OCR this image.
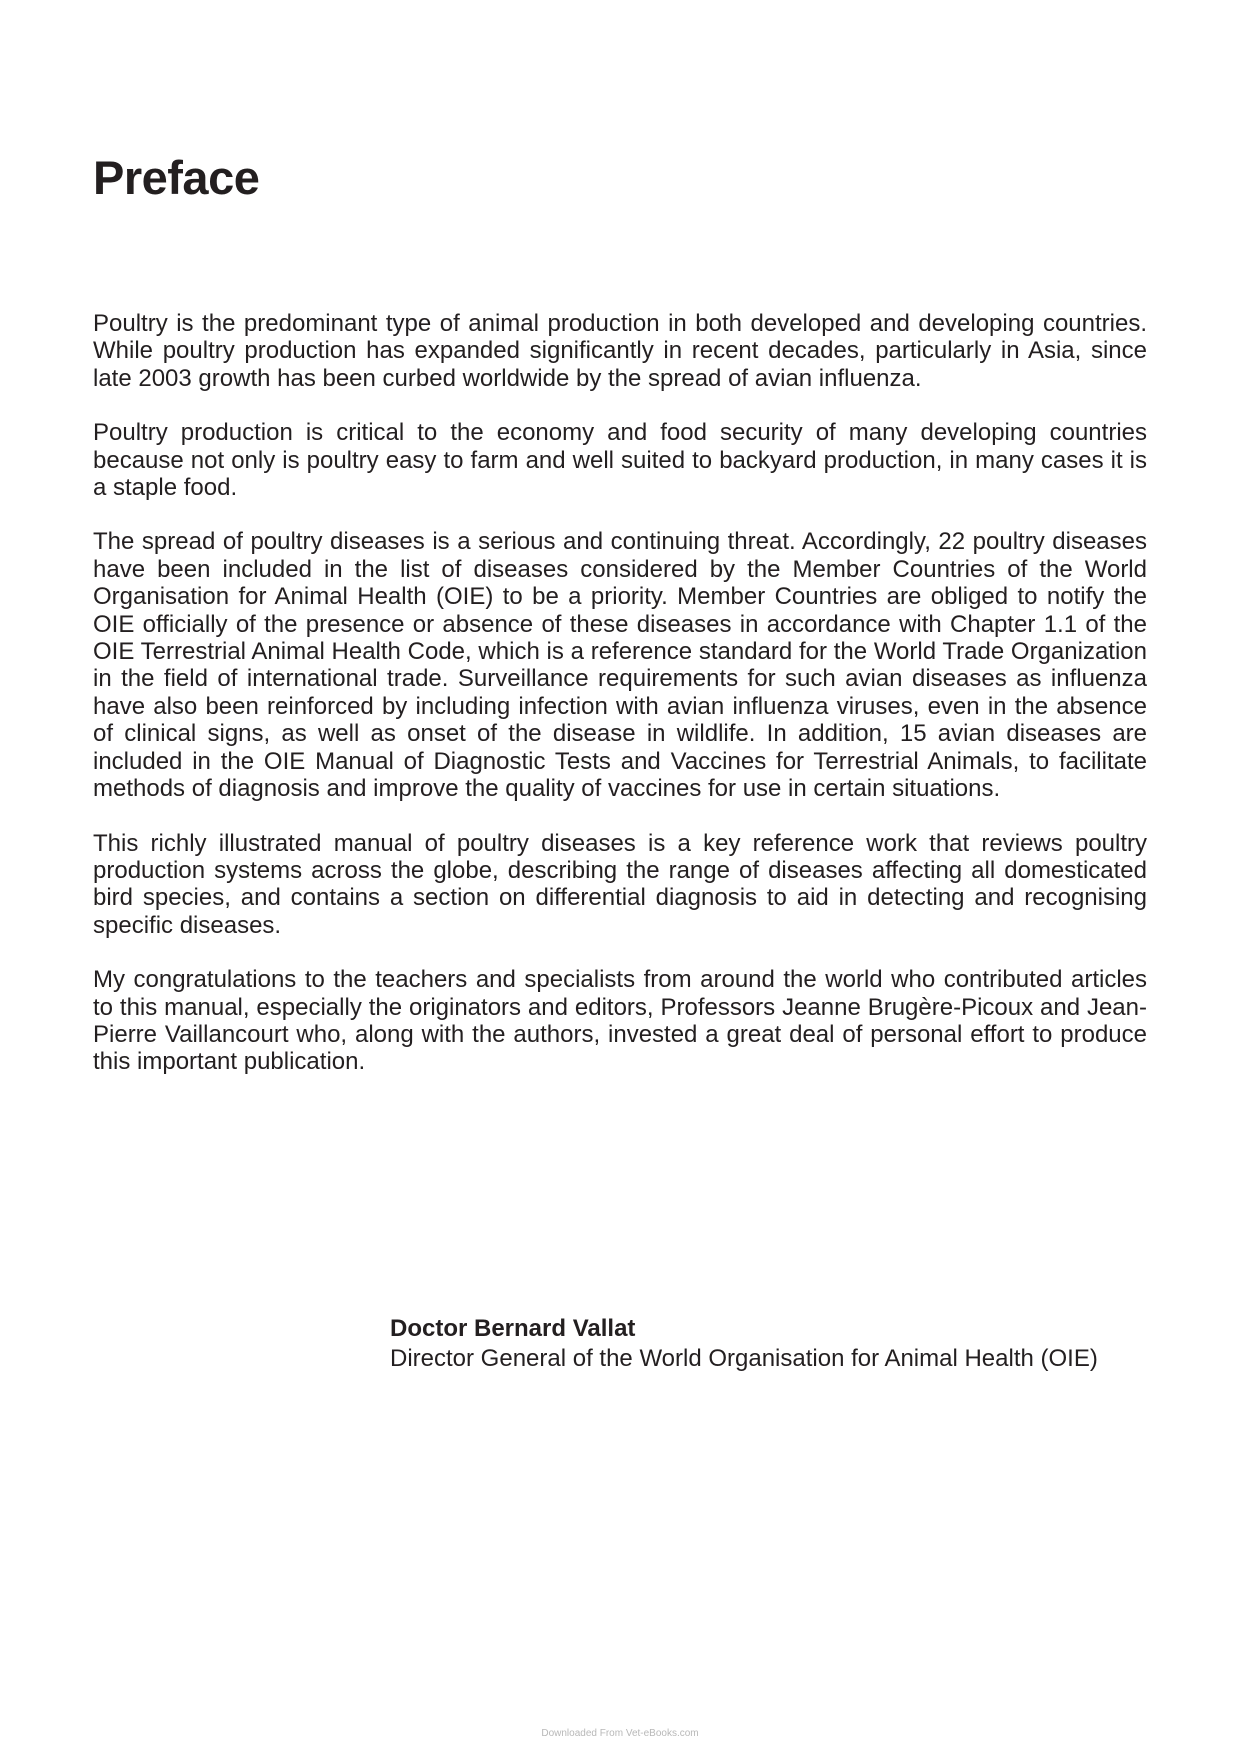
Preface

Poultry is the predominant type of animal production in both developed and developing countries. While poultry production has expanded significantly in recent decades, particularly in Asia, since late 2003 growth has been curbed worldwide by the spread of avian influenza.

Poultry production is critical to the economy and food security of many developing countries because not only is poultry easy to farm and well suited to backyard production, in many cases it is a staple food.

The spread of poultry diseases is a serious and continuing threat. Accordingly, 22 poultry diseases have been included in the list of diseases considered by the Member Countries of the World Organisation for Animal Health (OIE) to be a priority. Member Countries are obliged to notify the OIE officially of the presence or absence of these diseases in accordance with Chapter 1.1 of the OIE Terrestrial Animal Health Code, which is a reference standard for the World Trade Organization in the field of international trade. Surveillance requirements for such avian diseases as influenza have also been reinforced by including infection with avian influenza viruses, even in the absence of clinical signs, as well as onset of the disease in wildlife. In addition, 15 avian diseases are included in the OIE Manual of Diagnostic Tests and Vaccines for Terrestrial Animals, to facilitate methods of diagnosis and improve the quality of vaccines for use in certain situations.

This richly illustrated manual of poultry diseases is a key reference work that reviews poultry production systems across the globe, describing the range of diseases affecting all domesticated bird species, and contains a section on differential diagnosis to aid in detecting and recognising specific diseases.

My congratulations to the teachers and specialists from around the world who contributed articles to this manual, especially the originators and editors, Professors Jeanne Brugère-Picoux and Jean-Pierre Vaillancourt who, along with the authors, invested a great deal of personal effort to produce this important publication.

Doctor Bernard Vallat
Director General of the World Organisation for Animal Health (OIE)
Downloaded From Vet-eBooks.com
